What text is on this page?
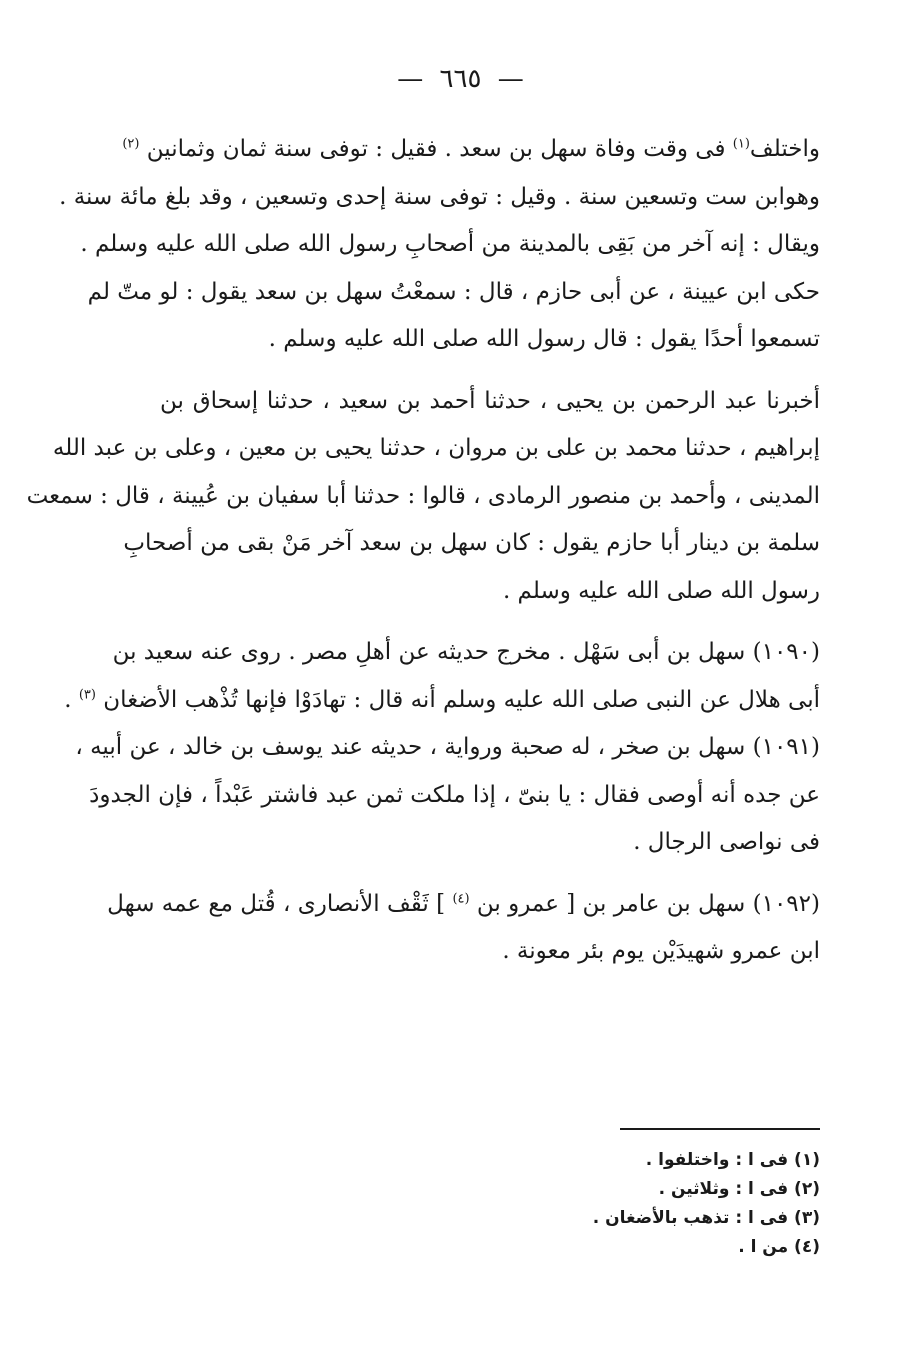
— ٦٦٥ —
واختلف$^{(١)}$ فى وقت وفاة سهل بن سعد . فقيل : توفى سنة ثمان وثمانين $^{(٢)}$
وهوابن ست وتسعين سنة . وقيل : توفى سنة إحدى وتسعين ، وقد بلغ مائة سنة .
ويقال : إنه آخر من بَقِى بالمدينة من أصحابِ رسول الله صلى الله عليه وسلم .
حكى ابن عيينة ، عن أبى حازم ، قال : سمعْتُ سهل بن سعد يقول : لو متّ لم
تسمعوا أحدًا يقول : قال رسول الله صلى الله عليه وسلم .
أخبرنا عبد الرحمن بن يحيى ، حدثنا أحمد بن سعيد ، حدثنا إسحاق بن
إبراهيم ، حدثنا محمد بن على بن مروان ، حدثنا يحيى بن معين ، وعلى بن عبد الله
المدينى ، وأحمد بن منصور الرمادى ، قالوا : حدثنا أبا سفيان بن عُيينة ، قال : سمعت
سلمة بن دينار أبا حازم يقول : كان سهل بن سعد آخر مَنْ بقى من أصحابِ
رسول الله صلى الله عليه وسلم .
(١٠٩٠) سهل بن أبى سَهْل . مخرج حديثه عن أهلِ مصر . روى عنه سعيد بن
أبى هلال عن النبى صلى الله عليه وسلم أنه قال : تهادَوْا فإنها تُذْهب الأضغان $^{(٣)}$ .
(١٠٩١) سهل بن صخر ، له صحبة ورواية ، حديثه عند يوسف بن خالد ، عن أبيه ،
عن جده أنه أوصى فقال : يا بنىّ ، إذا ملكت ثمن عبد فاشتر عَبْداً ، فإن الجدودَ
فى نواصى الرجال .
(١٠٩٢) سهل بن عامر بن [ عمرو بن $^{(٤)}$ ] ثَقْف الأنصارى ، قُتل مع عمه سهل
ابن عمرو شهيدَيْن يوم بئر معونة .
(١) فى ا : واختلفوا .
(٢) فى ا : وثلاثين .
(٣) فى ا : تذهب بالأضغان .
(٤) من ا .
